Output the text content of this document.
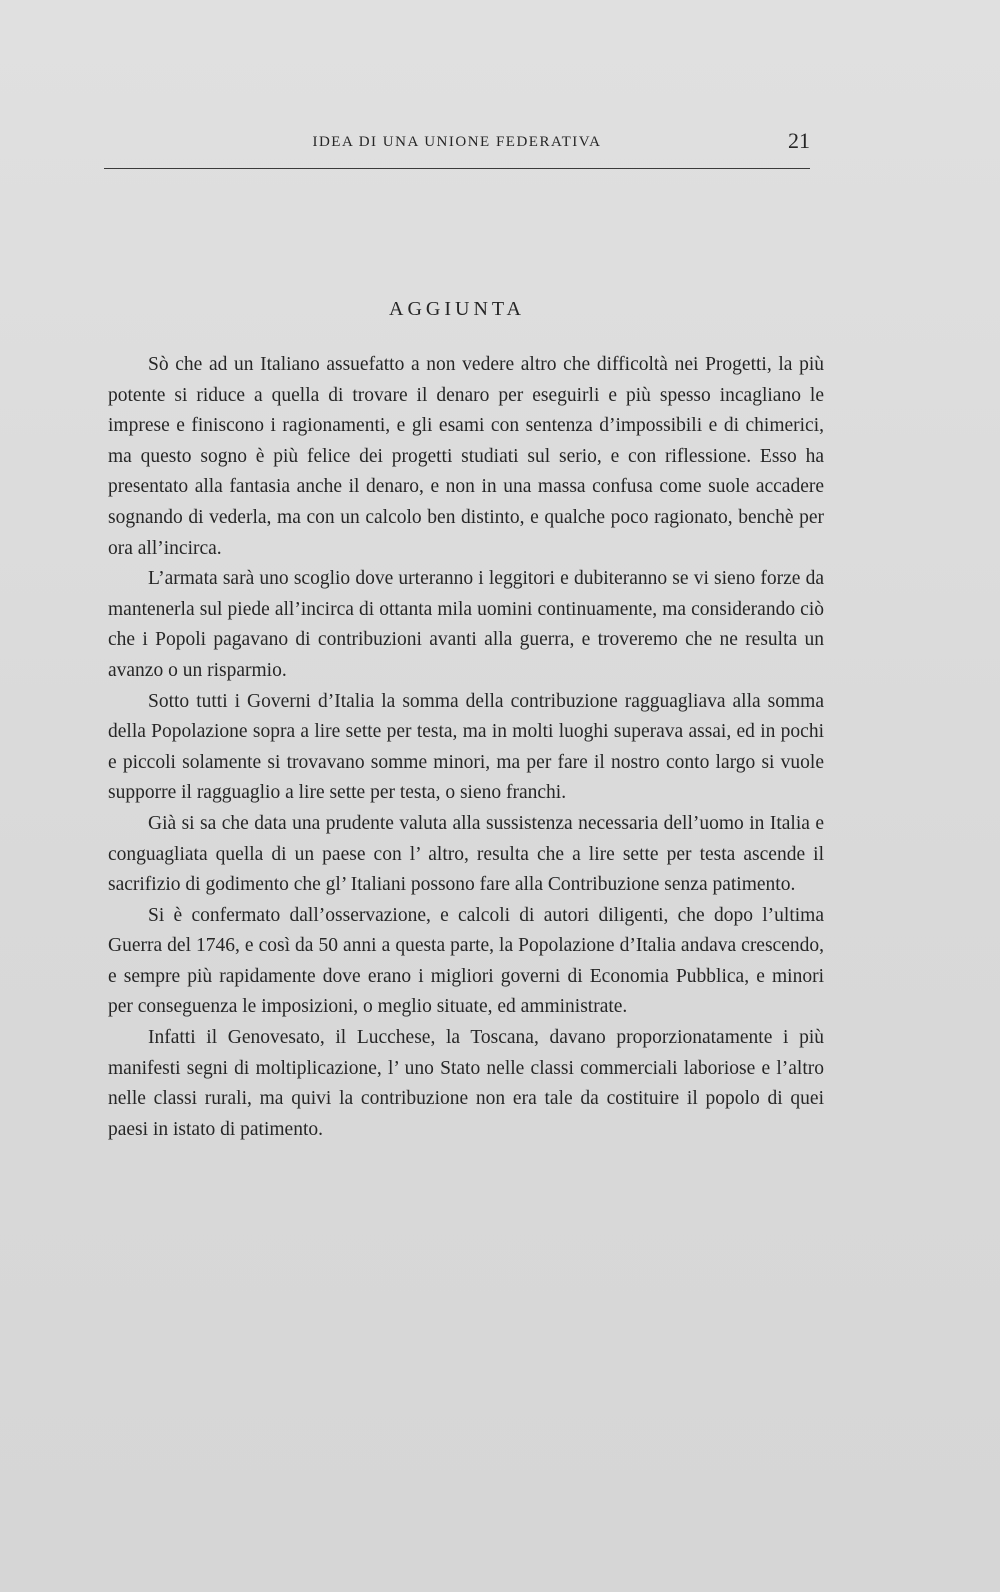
IDEA DI UNA UNIONE FEDERATIVA	21
AGGIUNTA

Sò che ad un Italiano assuefatto a non vedere altro che difficoltà nei Progetti, la più potente si riduce a quella di trovare il denaro per eseguirli e più spesso incagliano le imprese e finiscono i ragionamenti, e gli esami con sentenza d’impossibili e di chimerici, ma questo sogno è più felice dei progetti studiati sul serio, e con riflessione. Esso ha presentato alla fantasia anche il denaro, e non in una massa confusa come suole accadere sognando di vederla, ma con un calcolo ben distinto, e qualche poco ragionato, benchè per ora all’incirca.

L’armata sarà uno scoglio dove urteranno i leggitori e dubiteranno se vi sieno forze da mantenerla sul piede all’incirca di ottanta mila uomini continuamente, ma considerando ciò che i Popoli pagavano di contribuzioni avanti alla guerra, e troveremo che ne resulta un avanzo o un risparmio.

Sotto tutti i Governi d’Italia la somma della contribuzione ragguagliava alla somma della Popolazione sopra a lire sette per testa, ma in molti luoghi superava assai, ed in pochi e piccoli solamente si trovavano somme minori, ma per fare il nostro conto largo si vuole supporre il ragguaglio a lire sette per testa, o sieno franchi.

Già si sa che data una prudente valuta alla sussistenza necessaria dell’uomo in Italia e conguagliata quella di un paese con l’ altro, resulta che a lire sette per testa ascende il sacrifizio di godimento che gl’ Italiani possono fare alla Contribuzione senza patimento.

Si è confermato dall’osservazione, e calcoli di autori diligenti, che dopo l’ultima Guerra del 1746, e così da 50 anni a questa parte, la Popolazione d’Italia andava crescendo, e sempre più rapidamente dove erano i migliori governi di Economia Pubblica, e minori per conseguenza le imposizioni, o meglio situate, ed amministrate.

Infatti il Genovesato, il Lucchese, la Toscana, davano proporzionatamente i più manifesti segni di moltiplicazione, l’ uno Stato nelle classi commerciali laboriose e l’altro nelle classi rurali, ma quivi la contribuzione non era tale da costituire il popolo di quei paesi in istato di patimento.
